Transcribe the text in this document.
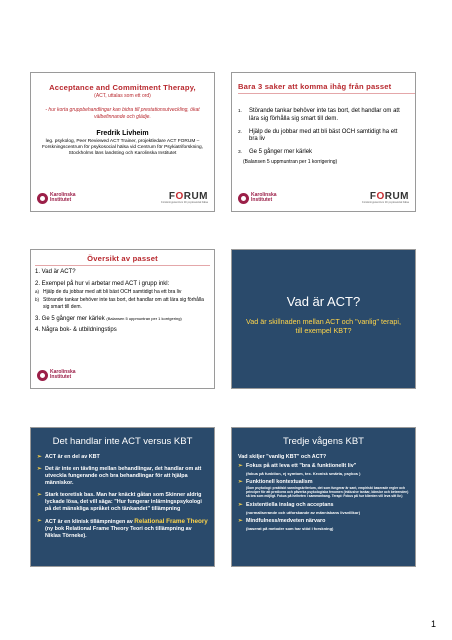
Acceptance and Commitment Therapy,
(ACT, uttalas som ett ord)
- hur korta gruppbehandlingar kan bidra till prestationsutveckling, ökat välbefinnande och glädje.
Fredrik Livheim
leg. psykolog, Peer Reviewed ACT Trainer, projektledare ACT FORUM – Forskningscentrum för psykosocial hälsa vid Centrum för Psykiatriforskning, Stockholms läns landsting och Karolinska Institutet
Karolinska
Institutet	FORUM
Forskningscentrum för psykosocial hälsa
Bara 3 saker att komma ihåg från passet
1.	Störande tankar behöver inte tas bort, det handlar om att lära sig förhålla sig smart till dem.
2.	Hjälp de du jobbar med att bli bäst OCH samtidigt ha ett bra liv
3.	Ge 5 gånger mer kärlek
(Balansen 5 uppmuntran per 1 korrigering)
Karolinska
Institutet	FORUM
Forskningscentrum för psykosocial hälsa
Översikt av passet
1. Vad är ACT?
2. Exempel på hur vi arbetar med ACT i grupp inkl:
a) Hjälp de du jobbar med att bli bäst OCH samtidigt ha ett bra liv
b) Störande tankar behöver inte tas bort, det handlar om att lära sig förhålla sig smart till dem.
3. Ge 5 gånger mer kärlek (Balansen 5 uppmuntran per 1 korrigering)
4. Några bok- & utbildningstips
Karolinska
Institutet
Vad är ACT?
Vad är skillnaden mellan ACT och "vanlig" terapi, till exempel KBT?
Det handlar inte ACT versus KBT
➢ ACT är en del av KBT
➢ Det är inte en tävling mellan behandlingar, det handlar om att utveckla fungerande och bra behandlingar för att hjälpa människor.
➢ Stark teoretisk bas. Man har knäckt gåtan som Skinner aldrig lyckade lösa, det vill säga: "Hur fungerar inlärningspsykologi på det mänskliga språket och tänkandet" tillämpning
➢ ACT är en klinisk tillämpningen av Relational Frame Theory (ny bok Relational Frame Theory Teori och tillämpning av Niklas Törneke).
Tredje vågens KBT
Vad skiljer "vanlig KBT" och ACT?
➢ Fokus på att leva ett "bra & funktionellt liv"
(fokus på funktion, ej symtom, tex. Kronisk smärta, psykos )
➢ Funktionell kontextualism
(Som psykologi: praktiskt sanningskriterium, det som fungerar är sant, empiriskt baserade regler och principer för att predicera och påverka psykologiska fenomen (inklusive tankar, känslor och beteenden) så bra som möjligt. Fokus på helheten i sammanhang. Terapi: Fokus på hur klienten vill leva sitt liv.)
➢ Existentiella inslag och acceptans
(normaliserande och utforskande av människans livsvillkor)
➢ Mindfulness/medveten närvaro
(baserat på metoder som har stöd i forskning)
1
